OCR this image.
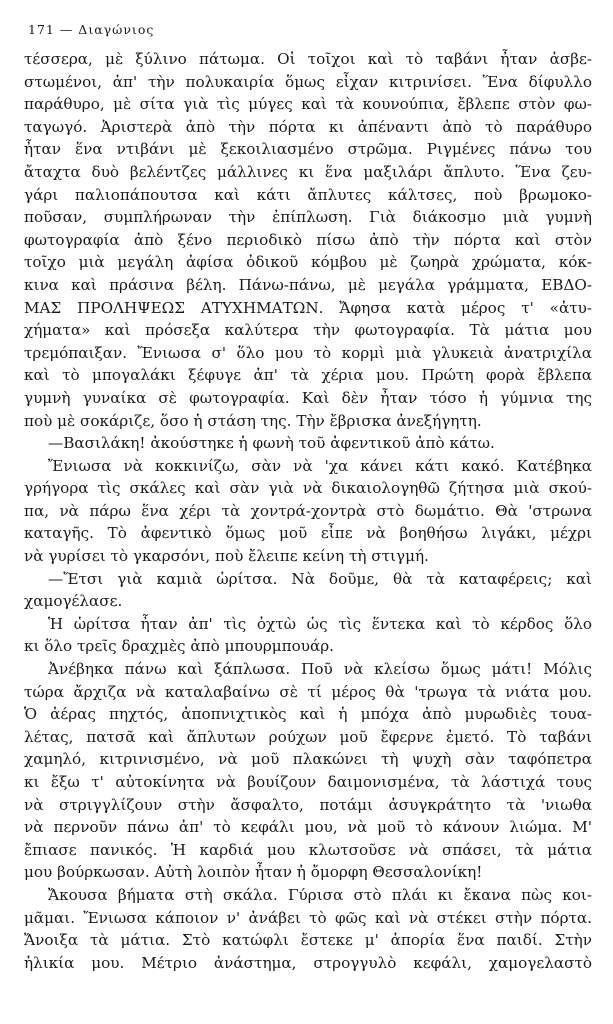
171 — Διαγώνιος
τέσσερα, μὲ ξύλινο πάτωμα. Οἱ τοῖχοι καὶ τὸ ταβάνι ἦταν ἀσβε-
στωμένοι, ἀπ' τὴν πολυκαιρία ὅμως εἶχαν κιτρινίσει. Ἕνα δίφυλλο
παράθυρο, μὲ σίτα γιὰ τὶς μύγες καὶ τὰ κουνούπια, ἔβλεπε στὸν φω-
ταγωγό. Ἀριστερὰ ἀπὸ τὴν πόρτα κι ἀπέναντι ἀπὸ τὸ παράθυρο
ἦταν ἕνα ντιβάνι μὲ ξεκοιλιασμένο στρῶμα. Ριγμένες πάνω του
ἄταχτα δυὸ βελέντζες μάλλινες κι ἕνα μαξιλάρι ἄπλυτο. Ἕνα ζευ-
γάρι παλιοπάπουτσα καὶ κάτι ἄπλυτες κάλτσες, ποὺ βρωμοκο-
ποῦσαν, συμπλήρωναν τὴν ἐπίπλωση. Γιὰ διάκοσμο μιὰ γυμνὴ
φωτογραφία ἀπὸ ξένο περιοδικὸ πίσω ἀπὸ τὴν πόρτα καὶ στὸν
τοῖχο μιὰ μεγάλη ἀφίσα ὀδικοῦ κόμβου μὲ ζωηρὰ χρώματα, κόκ-
κινα καὶ πράσινα βέλη. Πάνω-πάνω, μὲ μεγάλα γράμματα, ΕΒΔΟ-
ΜΑΣ ΠΡΟΛΗΨΕΩΣ ΑΤΥΧΗΜΑΤΩΝ. Ἄφησα κατὰ μέρος τ' «ἀτυ-
χήματα» καὶ πρόσεξα καλύτερα τὴν φωτογραφία. Τὰ μάτια μου
τρεμόπαιξαν. Ἔνιωσα σ' ὅλο μου τὸ κορμὶ μιὰ γλυκειὰ ἀνατριχίλα
καὶ τὸ μπογαλάκι ξέφυγε ἀπ' τὰ χέρια μου. Πρώτη φορὰ ἔβλεπα
γυμνὴ γυναίκα σὲ φωτογραφία. Καὶ δὲν ἦταν τόσο ἡ γύμνια της
ποὺ μὲ σοκάριζε, ὅσο ἡ στάση της. Τὴν ἔβρισκα ἀνεξήγητη.
—Βασιλάκη! ἀκούστηκε ἡ φωνὴ τοῦ ἀφεντικοῦ ἀπὸ κάτω.
Ἔνιωσα νὰ κοκκινίζω, σὰν νὰ 'χα κάνει κάτι κακό. Κατέβηκα
γρήγορα τὶς σκάλες καὶ σὰν γιὰ νὰ δικαιολογηθῶ ζήτησα μιὰ σκού-
πα, νὰ πάρω ἕνα χέρι τὰ χοντρά-χοντρὰ στὸ δωμάτιο. Θὰ 'στρωνα
καταγῆς. Τὸ ἀφεντικὸ ὅμως μοῦ εἶπε νὰ βοηθήσω λιγάκι, μέχρι
νὰ γυρίσει τὸ γκαρσόνι, ποὺ ἔλειπε κείνη τὴ στιγμή.
—Ἔτσι γιὰ καμιὰ ὡρίτσα. Νὰ δοῦμε, θὰ τὰ καταφέρεις; καὶ
χαμογέλασε.
Ἡ ὡρίτσα ἦταν ἀπ' τὶς ὀχτὼ ὡς τὶς ἕντεκα καὶ τὸ κέρδος ὅλο
κι ὅλο τρεῖς δραχμὲς ἀπὸ μπουρμπουάρ.
Ἀνέβηκα πάνω καὶ ξάπλωσα. Ποῦ νὰ κλείσω ὅμως μάτι! Μόλις
τώρα ἄρχιζα νὰ καταλαβαίνω σὲ τί μέρος θὰ 'τρωγα τὰ νιάτα μου.
Ὁ ἀέρας πηχτός, ἀποπνιχτικὸς καὶ ἡ μπόχα ἀπὸ μυρωδιὲς τουα-
λέτας, πατσᾶ καὶ ἄπλυτων ρούχων μοῦ ἔφερνε ἐμετό. Τὸ ταβάνι
χαμηλό, κιτρινισμένο, νὰ μοῦ πλακώνει τὴ ψυχὴ σὰν ταφόπετρα
κι ἔξω τ' αὐτοκίνητα νὰ βουίζουν δαιμονισμένα, τὰ λάστιχά τους
νὰ στριγγλίζουν στὴν ἄσφαλτο, ποτάμι ἀσυγκράτητο τὰ 'νιωθα
νὰ περνοῦν πάνω ἀπ' τὸ κεφάλι μου, νὰ μοῦ τὸ κάνουν λιώμα. Μ'
ἔπιασε πανικός. Ἡ καρδιά μου κλωτσοῦσε νὰ σπάσει, τὰ μάτια
μου βούρκωσαν. Αὐτὴ λοιπὸν ἦταν ἡ ὄμορφη Θεσσαλονίκη!
Ἄκουσα βήματα στὴ σκάλα. Γύρισα στὸ πλάι κι ἔκανα πὼς κοι-
μᾶμαι. Ἔνιωσα κάποιον ν' ἀνάβει τὸ φῶς καὶ νὰ στέκει στὴν πόρτα.
Ἄνοιξα τὰ μάτια. Στὸ κατώφλι ἔστεκε μ' ἀπορία ἕνα παιδί. Στὴν
ἡλικία μου. Μέτριο ἀνάστημα, στρογγυλὸ κεφάλι, χαμογελαστὸ
